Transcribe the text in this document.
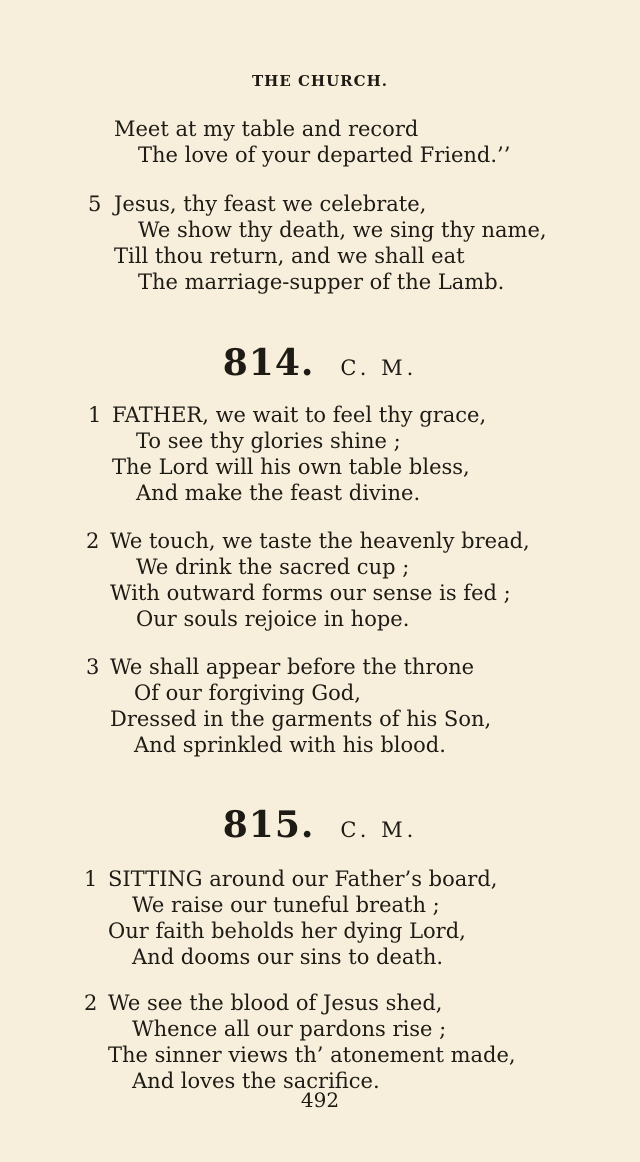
THE CHURCH.
Meet at my table and record
The love of your departed Friend.’’
5 Jesus, thy feast we celebrate,
We show thy death, we sing thy name,
Till thou return, and we shall eat
The marriage-supper of the Lamb.
814. C. M.
1 FATHER, we wait to feel thy grace,
To see thy glories shine ;
The Lord will his own table bless,
And make the feast divine.
2 We touch, we taste the heavenly bread,
We drink the sacred cup ;
With outward forms our sense is fed ;
Our souls rejoice in hope.
3 We shall appear before the throne
Of our forgiving God,
Dressed in the garments of his Son,
And sprinkled with his blood.
815. C. M.
1 SITTING around our Father’s board,
We raise our tuneful breath ;
Our faith beholds her dying Lord,
And dooms our sins to death.
2 We see the blood of Jesus shed,
Whence all our pardons rise ;
The sinner views th’ atonement made,
And loves the sacrifice.
492
